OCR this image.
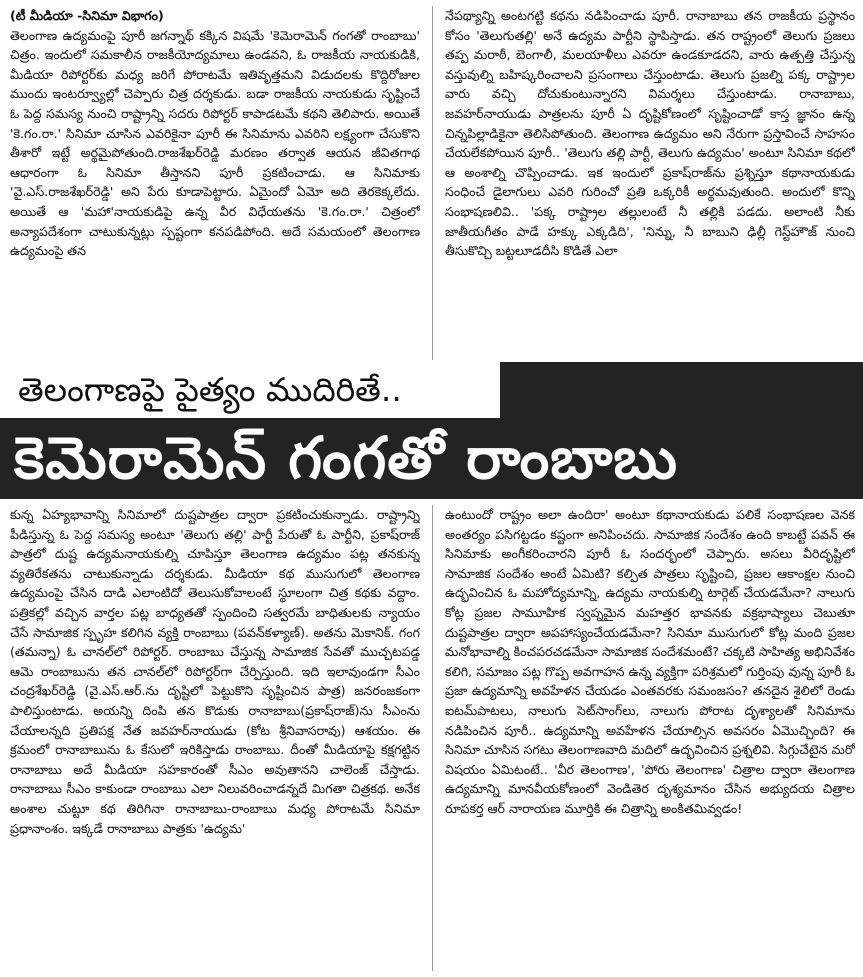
(టీ మీడియా -సినిమా విభాగం)

తెలంగాణ ఉద్యమంపై పూరీ జగన్నాథ్ కక్కిన విషమే 'కెమెరామెన్ గంగతో రాంబాబు' చిత్రం. ఇందులో సమకాలీన రాజకీయోద్యమాలు ఉండవని, ఓ రాజకీయ నాయకుడికి, మీడియా రిపోర్టర్‌కు మధ్య జరిగే పోరాటమే ఇతివృత్తమని విడుదలకు కొద్దిరోజుల ముందు ఇంటర్వ్యూల్లో చెప్పారు చిత్ర దర్శకుడు. బడా రాజకీయ నాయకుడు సృష్టించే ఓ పెద్ద సమస్య నుంచి రాష్ట్రాన్ని సదరు రిపోర్టర్ కాపాడటమే కథని తెలిపారు. అయితే 'కె.గం.రా.' సినిమా చూసిన ఎవరికైనా పూరీ ఈ సినిమాను ఎవరిని లక్ష్యంగా చేసుకొని తీశారో ఇట్టే అర్థమైపోతుంది.రాజశేఖర్‌రెడ్డి మరణం తర్వాత ఆయన జీవితగాథ ఆధారంగా ఓ సినిమా తీస్తానని పూరీ ప్రకటించాడు. ఆ సినిమాకు 'వై.ఎస్.రాజశేఖర్‌రెడ్డి' అని పేరు కూడాపెట్టారు. ఏమైందో ఏమో అది తెరకెక్కలేదు. అయితే ఆ 'మహా'నాయకుడిపై ఉన్న వీర విధేయతను 'కె.గం.రా.' చిత్రంలో అన్యాపదేశంగా చాటుకున్నట్లు స్పష్టంగా కనపడిపోంది. అదే సమయంలో తెలంగాణ ఉద్యమంపై తన

నేపథ్యాన్ని అంటగట్టి కథను నడిపించాడు పూరీ. రానాబాబు తన రాజకీయ ప్రస్థానం కోసం 'తెలుగుతల్లి' అనే ఉద్యమ పార్టీని స్థాపిస్తాడు. తన రాష్ట్రంలో తెలుగు ప్రజలు తప్ప మరాఠీ, బెంగాలీ, మలయాళీలు ఎవరూ ఉండకూడదని, వారు ఉత్పత్తి చేస్తున్న వస్తువుల్ని బహిష్కరించాలని ప్రసంగాలు చేస్తుంటాడు. తెలుగు ప్రజల్ని పక్క రాష్ట్రాల వారు వచ్చి దోచుకుంటున్నారని విమర్శలు చేస్తుంటాడు. రానాబాబు, జవహర్‌నాయుడు పాత్రలను పూరీ ఏ దృష్టికోణంలో సృష్టించాడో కాస్త జ్ఞానం ఉన్న చిన్నపిల్లాడికైనా తెలిసిపోతుంది. తెలంగాణ ఉద్యమం అని నేరుగా ప్రస్తావించే సాహసం చేయలేకపోయిన పూరీ.. 'తెలుగు తల్లి పార్టీ, తెలుగు ఉద్యమం' అంటూ సినిమా కథలో ఆ అంశాల్ని చొప్పించాడు. ఇక ఇందులో ప్రకాష్‌రాజ్‌ను ప్రశ్నిస్తూ కథానాయకుడు సంధించే డైలాగులు ఎవరి గురించో ప్రతి ఒక్కరికీ అర్థమవుతుంది. అందులో కొన్ని సంభాషణలివి.. 'పక్క రాష్ట్రాల తల్లులంటే నీ తల్లికి పడదు. అలాంటి నీకు జాతీయగీతం పాడే హక్కు ఎక్కడిది', 'నిన్ను, నీ బాబుని ఢిల్లీ గెస్ట్‌హౌజ్ నుంచి తీసుకొచ్చి బట్టలూడదీసి కొడితే ఎలా

తెలంగాణపై పైత్యం ముదిరితే..
కెమెరామెన్ గంగతో రాంబాబు

కున్న ఏహ్యభావాన్ని సినిమాలో దుష్టపాత్రల ద్వారా ప్రకటించుకున్నాడు. రాష్ట్రాన్ని పీడిస్తున్న ఓ పెద్ద సమస్య అంటూ 'తెలుగు తల్లి' పార్టీ పేరుతో ఓ పార్టీని, ప్రకాష్‌రాజ్ పాత్రలో దుష్ట ఉద్యమనాయకుల్ని చూపిస్తూ తెలంగాణ ఉద్యమం పట్ల తనకున్న వ్యతిరేకతను చాటుకున్నాడు దర్శకుడు. మీడియా కథ ముసుగులో తెలంగాణ ఉద్యమంపై చేసిన దాడి ఎలాంటిదో తెలుసుకోవాలంటే స్థూలంగా చిత్ర కథకు వద్దాం. పత్రికల్లో వచ్చిన వార్తల పట్ల బాధ్యతతో స్పందించి సత్వరమే బాధితులకు న్యాయం చేసే సామాజిక స్పృహ కలిగిన వ్యక్తి రాంబాబు (పవన్‌కళ్యాణ్). అతను మెకానిక్. గంగ (తమన్నా) ఓ చానల్‌లో రిపోర్టర్. రాంబాబు చేస్తున్న సామాజిక సేవతో ముచ్చటపడ్డ ఆమె రాంబాబును తన చానల్‌లో రిపోర్టర్‌గా చేర్పిస్తుంది. ఇది ఇలావుండగా సీఎం చంద్రశేఖర్‌రెడ్డి (వై.ఎస్.ఆర్.ను దృష్టిలో పెట్టుకొని సృష్టించిన పాత్ర) జనరంజకంగా పాలిస్తుంటాడు. అయన్ని దింపి తన కొడుకు రానాబాబు(ప్రకాష్‌రాజ్)ను సీఎంను చేయాలన్నది ప్రతిపక్ష నేత జవహర్‌నాయుడు (కోట శ్రీనివాసరావు) ఆశయం. ఈ క్రమంలో రానాబాబును ఓ కేసులో ఇరికిస్తాడు రాంబాబు. దీంతో మీడియాపై కక్షగట్టిన రానాబాబు అదే మీడియా సహకారంతో సీఎం అవుతానని చాలెంజ్ చేస్తాడు. రానాబాబు సీఎం కాకుండా రాంబాబు ఎలా నిలువరించాడన్నదే మిగతా చిత్రకథ. అనేక అంశాల చుట్టూ కథ తిరిగినా రానాబాబు-రాంబాబు మధ్య పోరాటమే సినిమా ప్రధానాంశం. ఇక్కడే రానాబాబు పాత్రకు 'ఉద్యమ'

ఉంటుందో రాష్ట్రం అలా ఉందిరా' అంటూ కథానాయకుడు పలికే సంభాషణల వెనక అంతర్యం పసిగట్టడం కష్టంగా అనిపించదు. సామాజిక సందేశం ఉంది కాబట్టే పవన్ ఈ సినిమాకు అంగీకరించారని పూరీ ఓ సందర్భంలో చెప్పారు. అసలు వీరిదృష్టిలో సామాజిక సందేశం అంటే ఏమిటి? కల్పిత పాత్రలు సృష్టించి, ప్రజల ఆకాంక్షల నుంచి ఉద్భవించిన ఓ మహోద్యమాన్ని, ఉద్యమ నాయకుల్ని టార్గెట్ చేయడమేనా? నాలుగు కోట్ల ప్రజల సామూహిక స్వప్నమైన మహత్తర భావనకు వక్రభాష్యాలు చెబుతూ దుష్టపాత్రల ద్వారా అపహాస్యంచేయడమేనా? సినిమా ముసుగులో కోట్ల మంది ప్రజల మనోభావాల్ని కించపరచడమేనా సామాజిక సందేశమంటే? చక్కటి సాహిత్య అభినివేశం కలిగి, సమాజం పట్ల గొప్ప అవగాహన ఉన్న వ్యక్తిగా పరిశ్రమలో గుర్తింపు వున్న పూరీ ఓ ప్రజా ఉద్యమాన్ని అవహేళన చేయడం ఎంతవరకు సమంజసం? తనదైన శైలిలో రెండు ఐటమ్‌పాటలు, నాలుగు సెట్‌సాంగ్‌లు, నాలుగు పోరాట దృశ్యాలతో సినిమాను నడిపించిన పూరీ.. ఉద్యమాన్ని అవహేళన చేయాల్సిన అవసరం ఏమొచ్చింది? ఈ సినిమా చూసిన సగటు తెలంగాణవాది మదిలో ఉద్భవించిన ప్రశ్నలివి. సిగ్గుచేటైన మరో విషయం ఏమిటంటే.. 'వీర తెలంగాణ', 'పోరు తెలంగాణ' చిత్రాల ద్వారా తెలంగాణ ఉద్యమాన్ని మానవీయకోణంలో వెండితెర దృశ్యమానం చేసిన అభ్యుదయ చిత్రాల రూపకర్త ఆర్ నారాయణ మూర్తికి ఈ చిత్రాన్ని అంకితమివ్వడం!
